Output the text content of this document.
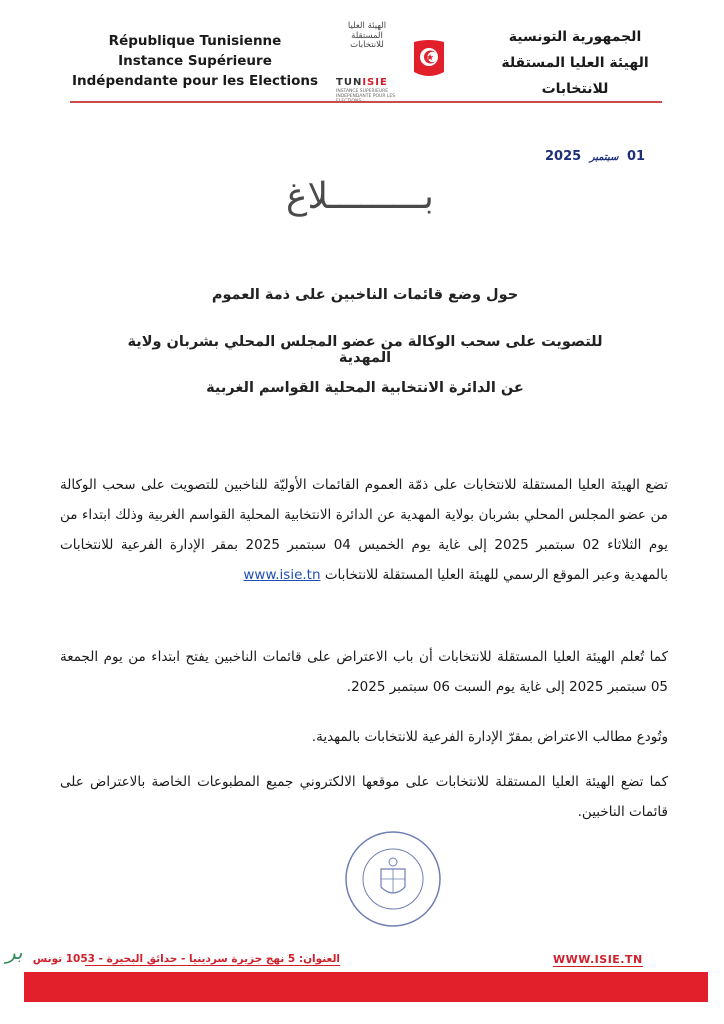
République Tunisienne
Instance Supérieure
Indépendante pour les Elections
الهيئة العليا المستقلة للانتخابات
TUNISIE
INSTANCE SUPERIEURE INDEPENDANTE POUR LES
الجمهورية التونسية
الهيئة العليا المستقلة
للانتخابات
01 سبتمبر 2025
بـــــــــلاغ
حول وضع قائمات الناخبين على ذمة العموم
للتصويت على سحب الوكالة من عضو المجلس المحلي بشربان ولاية المهدية
عن الدائرة الانتخابية المحلية القواسم الغربية
تضع الهيئة العليا المستقلة للانتخابات على ذمّة العموم القائمات الأوليّة للناخبين للتصويت على سحب الوكالة من عضو المجلس المحلي بشربان بولاية المهدية عن الدائرة الانتخابية المحلية القواسم الغربية وذلك ابتداء من يوم الثلاثاء 02 سبتمبر 2025 إلى غاية يوم الخميس 04 سبتمبر 2025 بمقر الإدارة الفرعية للانتخابات بالمهدية وعبر الموقع الرسمي للهيئة العليا المستقلة للانتخابات www.isie.tn
كما تُعلم الهيئة العليا المستقلة للانتخابات أن باب الاعتراض على قائمات الناخبين يفتح ابتداء من يوم الجمعة 05 سبتمبر 2025 إلى غاية يوم السبت 06 سبتمبر 2025.
وتُودع مطالب الاعتراض بمقرّ الإدارة الفرعية للانتخابات بالمهدية.
كما تضع الهيئة العليا المستقلة للانتخابات على موقعها الالكتروني جميع المطبوعات الخاصة بالاعتراض على قائمات الناخبين.
بر العنوان: 5 نهج جزيرة سردينيا - حدائق البحيرة - 1053 تونس	WWW.ISIE.TN
